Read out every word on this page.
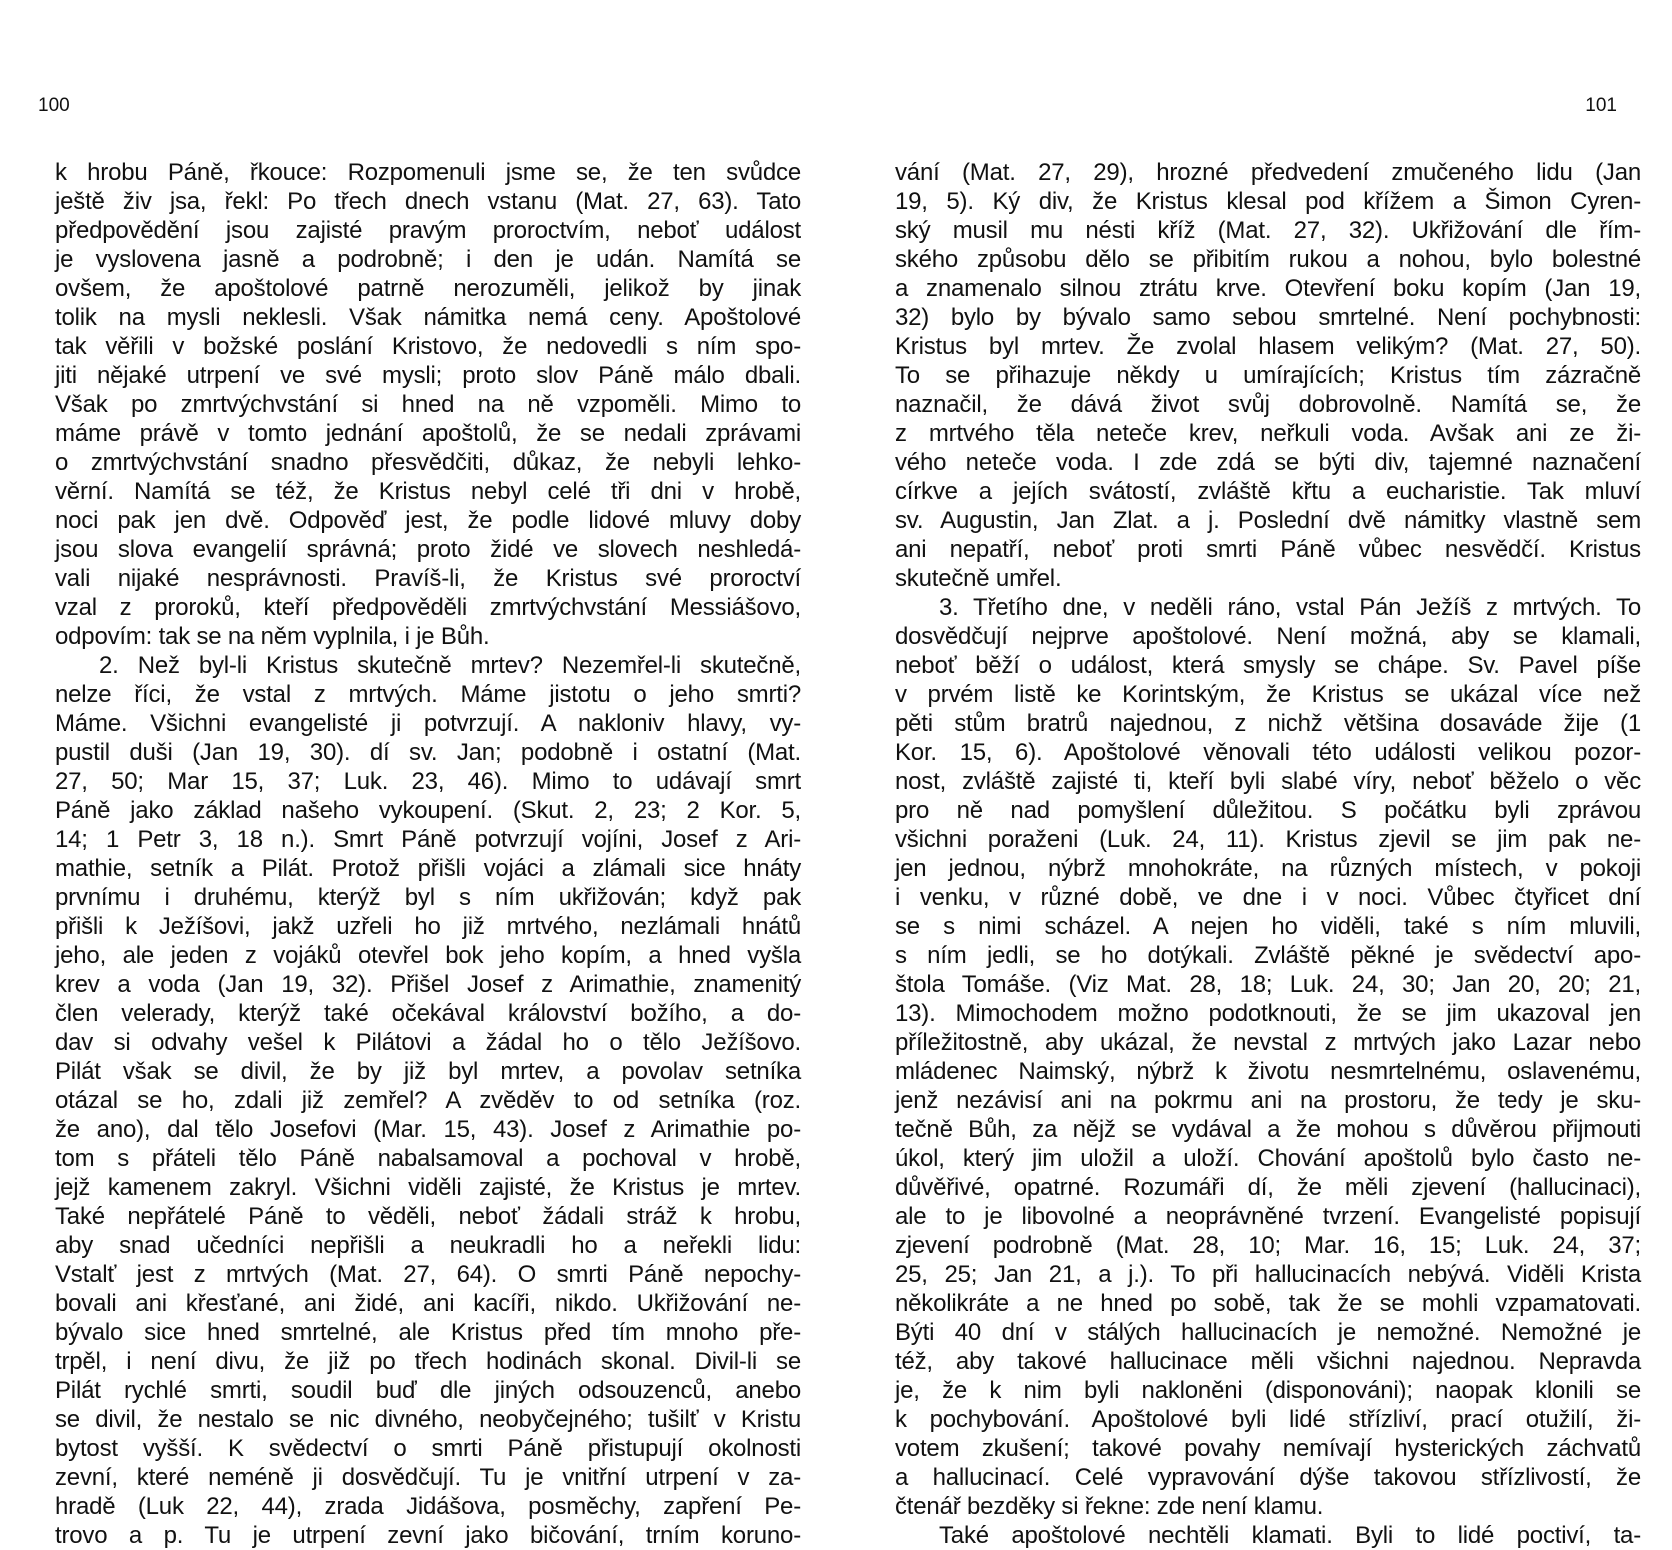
100	101
k hrobu Páně, řkouce: Rozpomenuli jsme se, že ten svůdce
ještě živ jsa, řekl: Po třech dnech vstanu (Mat. 27, 63). Tato
předpovědění jsou zajisté pravým proroctvím, neboť událost
je vyslovena jasně a podrobně; i den je udán. Namítá se
ovšem, že apoštolové patrně nerozuměli, jelikož by jinak
tolik na mysli neklesli. Však námitka nemá ceny. Apoštolové
tak věřili v božské poslání Kristovo, že nedovedli s ním spo-
jiti nějaké utrpení ve své mysli; proto slov Páně málo dbali.
Však po zmrtvýchvstání si hned na ně vzpoměli. Mimo to
máme právě v tomto jednání apoštolů, že se nedali zprávami
o zmrtvýchvstání snadno přesvědčiti, důkaz, že nebyli lehko-
věrní. Namítá se též, že Kristus nebyl celé tři dni v hrobě,
noci pak jen dvě. Odpověď jest, že podle lidové mluvy doby
jsou slova evangelií správná; proto židé ve slovech neshledá-
vali nijaké nesprávnosti. Pravíš-li, že Kristus své proroctví
vzal z proroků, kteří předpověděli zmrtvýchvstání Messiášovo,
odpovím: tak se na něm vyplnila, i je Bůh.
2. Než byl-li Kristus skutečně mrtev? Nezemřel-li skutečně,
nelze říci, že vstal z mrtvých. Máme jistotu o jeho smrti?
Máme. Všichni evangelisté ji potvrzují. A nakloniv hlavy, vy-
pustil duši (Jan 19, 30). dí sv. Jan; podobně i ostatní (Mat.
27, 50; Mar 15, 37; Luk. 23, 46). Mimo to udávají smrt
Páně jako základ našeho vykoupení. (Skut. 2, 23; 2 Kor. 5,
14; 1 Petr 3, 18 n.). Smrt Páně potvrzují vojíni, Josef z Ari-
mathie, setník a Pilát. Protož přišli vojáci a zlámali sice hnáty
prvnímu i druhému, kterýž byl s ním ukřižován; když pak
přišli k Ježíšovi, jakž uzřeli ho již mrtvého, nezlámali hnátů
jeho, ale jeden z vojáků otevřel bok jeho kopím, a hned vyšla
krev a voda (Jan 19, 32). Přišel Josef z Arimathie, znamenitý
člen velerady, kterýž také očekával království božího, a do-
dav si odvahy vešel k Pilátovi a žádal ho o tělo Ježíšovo.
Pilát však se divil, že by již byl mrtev, a povolav setníka
otázal se ho, zdali již zemřel? A zvěděv to od setníka (roz.
že ano), dal tělo Josefovi (Mar. 15, 43). Josef z Arimathie po-
tom s přáteli tělo Páně nabalsamoval a pochoval v hrobě,
jejž kamenem zakryl. Všichni viděli zajisté, že Kristus je mrtev.
Také nepřátelé Páně to věděli, neboť žádali stráž k hrobu,
aby snad učedníci nepřišli a neukradli ho a neřekli lidu:
Vstalť jest z mrtvých (Mat. 27, 64). O smrti Páně nepochy-
bovali ani křesťané, ani židé, ani kacíři, nikdo. Ukřižování ne-
bývalo sice hned smrtelné, ale Kristus před tím mnoho pře-
trpěl, i není divu, že již po třech hodinách skonal. Divil-li se
Pilát rychlé smrti, soudil buď dle jiných odsouzenců, anebo
se divil, že nestalo se nic divného, neobyčejného; tušilť v Kristu
bytost vyšší. K svědectví o smrti Páně přistupují okolnosti
zevní, které neméně ji dosvědčují. Tu je vnitřní utrpení v za-
hradě (Luk 22, 44), zrada Jidášova, posměchy, zapření Pe-
trovo a p. Tu je utrpení zevní jako bičování, trním koruno-
vání (Mat. 27, 29), hrozné předvedení zmučeného lidu (Jan
19, 5). Ký div, že Kristus klesal pod křížem a Šimon Cyren-
ský musil mu nésti kříž (Mat. 27, 32). Ukřižování dle řím-
ského způsobu dělo se přibitím rukou a nohou, bylo bolestné
a znamenalo silnou ztrátu krve. Otevření boku kopím (Jan 19,
32) bylo by bývalo samo sebou smrtelné. Není pochybnosti:
Kristus byl mrtev. Že zvolal hlasem velikým? (Mat. 27, 50).
To se přihazuje někdy u umírajících; Kristus tím zázračně
naznačil, že dává život svůj dobrovolně. Namítá se, že
z mrtvého těla neteče krev, neřkuli voda. Avšak ani ze ži-
vého neteče voda. I zde zdá se býti div, tajemné naznačení
církve a jejích svátostí, zvláště křtu a eucharistie. Tak mluví
sv. Augustin, Jan Zlat. a j. Poslední dvě námitky vlastně sem
ani nepatří, neboť proti smrti Páně vůbec nesvědčí. Kristus
skutečně umřel.
3. Třetího dne, v neděli ráno, vstal Pán Ježíš z mrtvých. To
dosvědčují nejprve apoštolové. Není možná, aby se klamali,
neboť běží o událost, která smysly se chápe. Sv. Pavel píše
v prvém listě ke Korintským, že Kristus se ukázal více než
pěti stům bratrů najednou, z nichž většina dosaváde žije (1
Kor. 15, 6). Apoštolové věnovali této události velikou pozor-
nost, zvláště zajisté ti, kteří byli slabé víry, neboť běželo o věc
pro ně nad pomyšlení důležitou. S počátku byli zprávou
všichni poraženi (Luk. 24, 11). Kristus zjevil se jim pak ne-
jen jednou, nýbrž mnohokráte, na různých místech, v pokoji
i venku, v různé době, ve dne i v noci. Vůbec čtyřicet dní
se s nimi scházel. A nejen ho viděli, také s ním mluvili,
s ním jedli, se ho dotýkali. Zvláště pěkné je svědectví apo-
štola Tomáše. (Viz Mat. 28, 18; Luk. 24, 30; Jan 20, 20; 21,
13). Mimochodem možno podotknouti, že se jim ukazoval jen
příležitostně, aby ukázal, že nevstal z mrtvých jako Lazar nebo
mládenec Naimský, nýbrž k životu nesmrtelnému, oslavenému,
jenž nezávisí ani na pokrmu ani na prostoru, že tedy je sku-
tečně Bůh, za nějž se vydával a že mohou s důvěrou přijmouti
úkol, který jim uložil a uloží. Chování apoštolů bylo často ne-
důvěřivé, opatrné. Rozumáři dí, že měli zjevení (hallucinaci),
ale to je libovolné a neoprávněné tvrzení. Evangelisté popisují
zjevení podrobně (Mat. 28, 10; Mar. 16, 15; Luk. 24, 37;
25, 25; Jan 21, a j.). To při hallucinacích nebývá. Viděli Krista
několikráte a ne hned po sobě, tak že se mohli vzpamatovati.
Býti 40 dní v stálých hallucinacích je nemožné. Nemožné je
též, aby takové hallucinace měli všichni najednou. Nepravda
je, že k nim byli nakloněni (disponováni); naopak klonili se
k pochybování. Apoštolové byli lidé střízliví, prací otužilí, ži-
votem zkušení; takové povahy nemívají hysterických záchvatů
a hallucinací. Celé vypravování dýše takovou střízlivostí, že
čtenář bezděky si řekne: zde není klamu.
Také apoštolové nechtěli klamati. Byli to lidé poctiví, ta-
